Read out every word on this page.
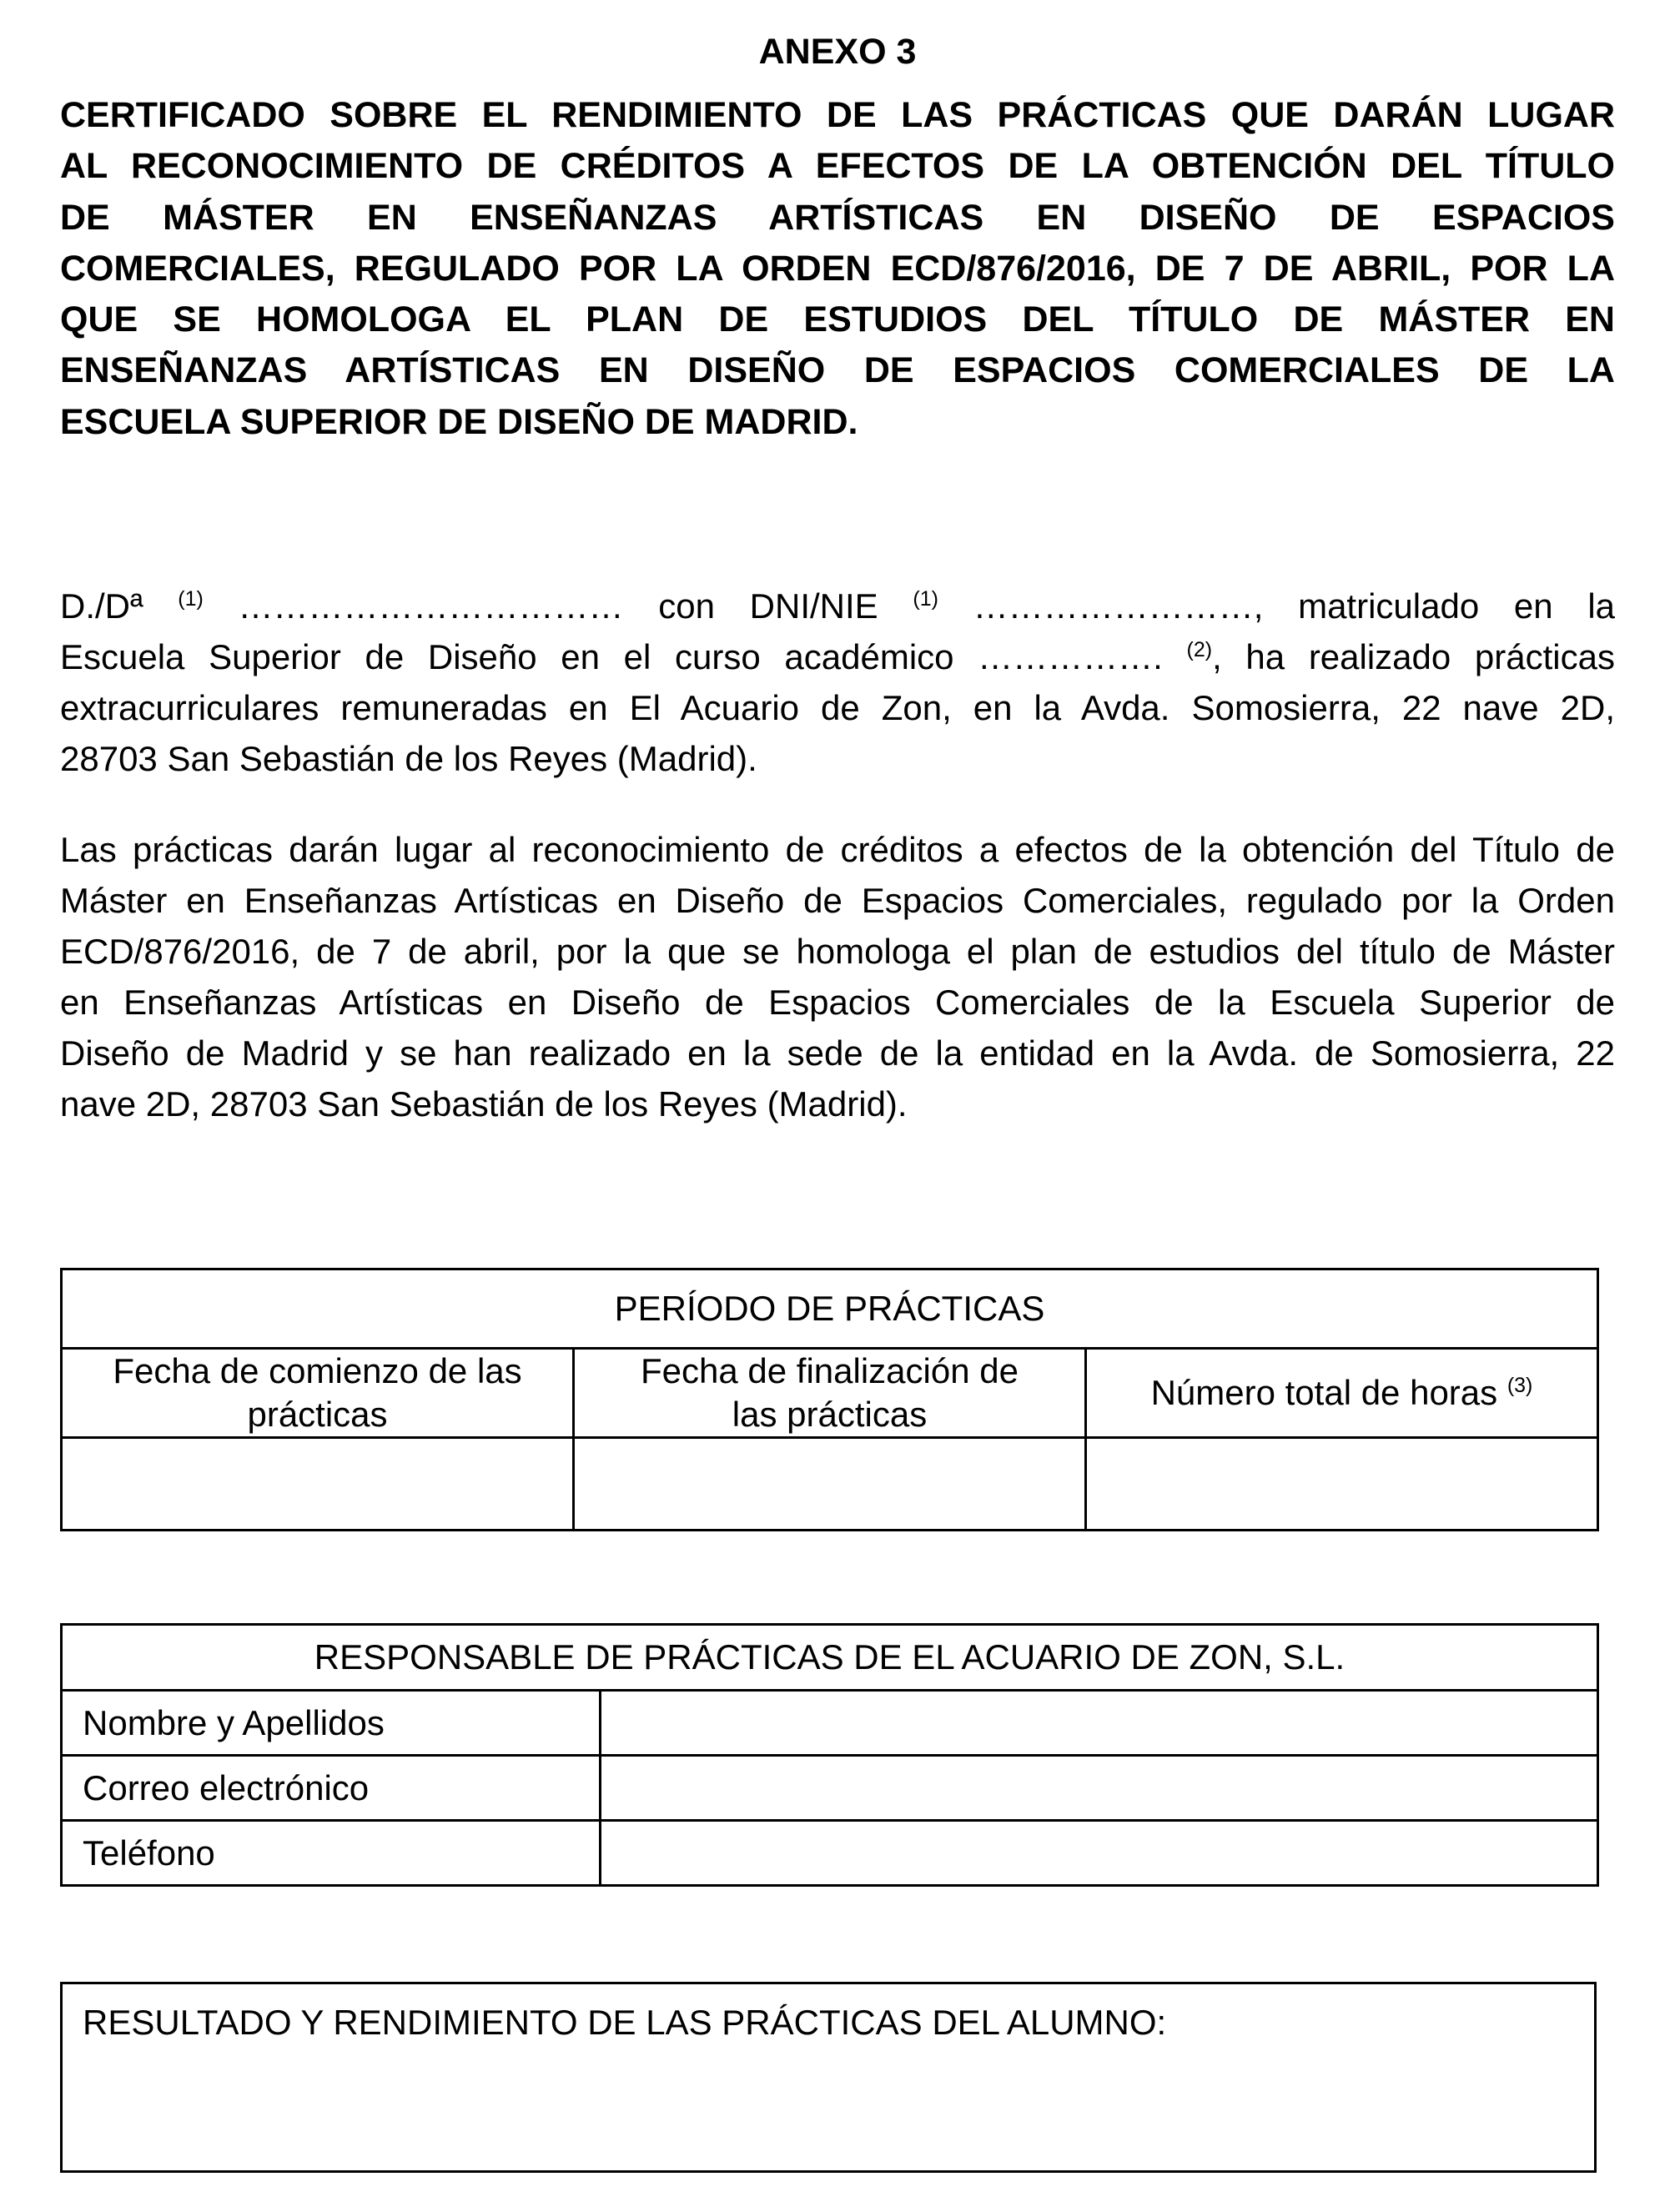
ANEXO 3
CERTIFICADO SOBRE EL RENDIMIENTO DE LAS PRÁCTICAS QUE DARÁN LUGAR
AL RECONOCIMIENTO DE CRÉDITOS A EFECTOS DE LA OBTENCIÓN DEL TÍTULO
DE MÁSTER EN ENSEÑANZAS ARTÍSTICAS EN DISEÑO DE ESPACIOS
COMERCIALES, REGULADO POR LA ORDEN ECD/876/2016, DE 7 DE ABRIL, POR LA
QUE SE HOMOLOGA EL PLAN DE ESTUDIOS DEL TÍTULO DE MÁSTER EN
ENSEÑANZAS ARTÍSTICAS EN DISEÑO DE ESPACIOS COMERCIALES DE LA
ESCUELA SUPERIOR DE DISEÑO DE MADRID.
D./Dª $^{(1)}$ …………………………… con DNI/NIE $^{(1)}$ ……………………, matriculado en la
Escuela Superior de Diseño en el curso académico ……………. $^{(2)}$, ha realizado prácticas
extracurriculares remuneradas en El Acuario de Zon, en la Avda. Somosierra, 22 nave 2D,
28703 San Sebastián de los Reyes (Madrid).
Las prácticas darán lugar al reconocimiento de créditos a efectos de la obtención del Título de
Máster en Enseñanzas Artísticas en Diseño de Espacios Comerciales, regulado por la Orden
ECD/876/2016, de 7 de abril, por la que se homologa el plan de estudios del título de Máster
en Enseñanzas Artísticas en Diseño de Espacios Comerciales de la Escuela Superior de
Diseño de Madrid y se han realizado en la sede de la entidad en la Avda. de Somosierra, 22
nave 2D, 28703 San Sebastián de los Reyes (Madrid).
PERÍODO DE PRÁCTICAS		
Fecha de comienzo de las
prácticas	Fecha de finalización de
las prácticas	Número total de horas $^{(3)}$

RESPONSABLE DE PRÁCTICAS DE EL ACUARIO DE ZON, S.L.	
Nombre y Apellidos	
Correo electrónico	
Teléfono	
RESULTADO Y RENDIMIENTO DE LAS PRÁCTICAS DEL ALUMNO:
